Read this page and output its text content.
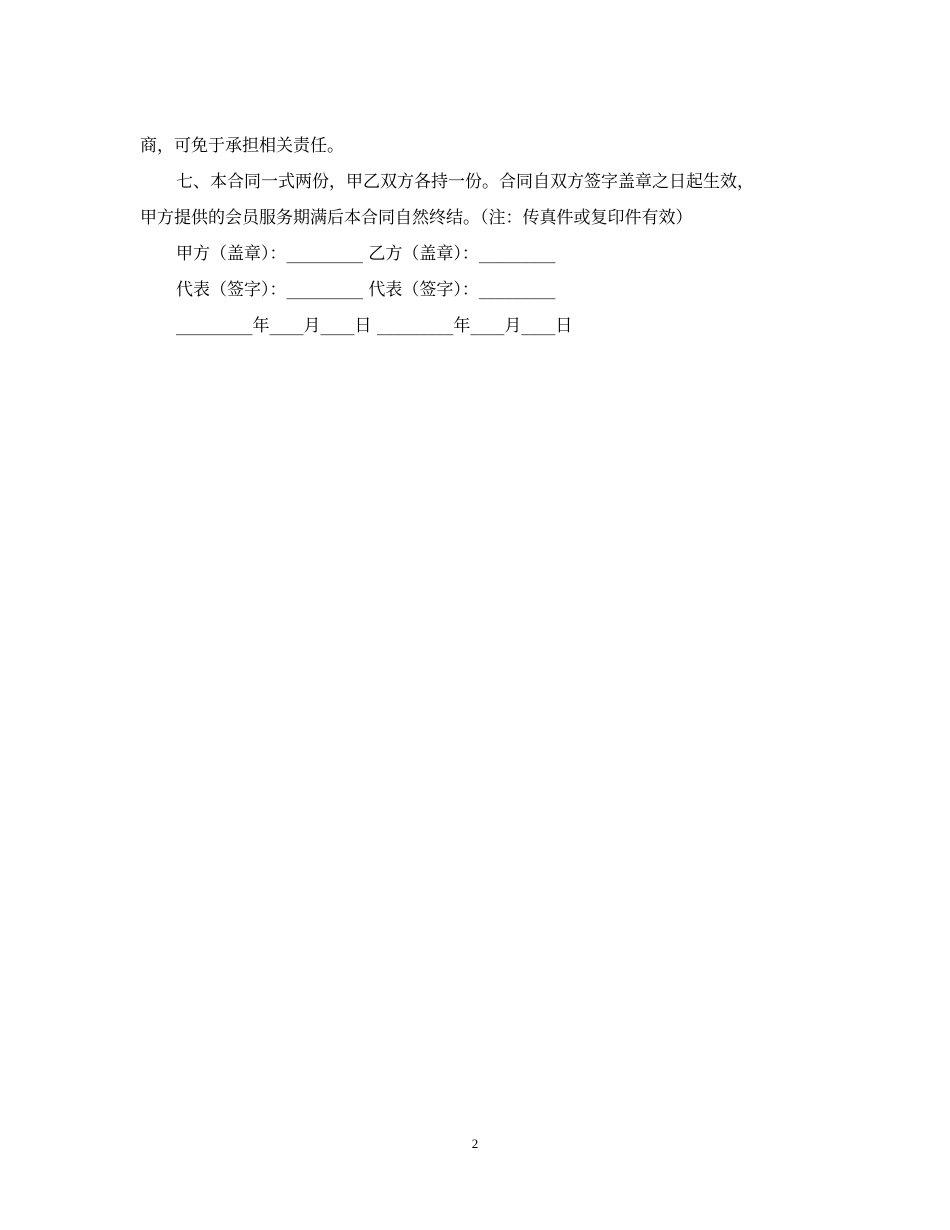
商，可免于承担相关责任。
七、本合同一式两份，甲乙双方各持一份。合同自双方签字盖章之日起生效，
甲方提供的会员服务期满后本合同自然终结。（注：传真件或复印件有效）
甲方（盖章）：_________ 乙方（盖章）：_________
代表（签字）：_________ 代表（签字）：_________
_________年____月____日 _________年____月____日
2
